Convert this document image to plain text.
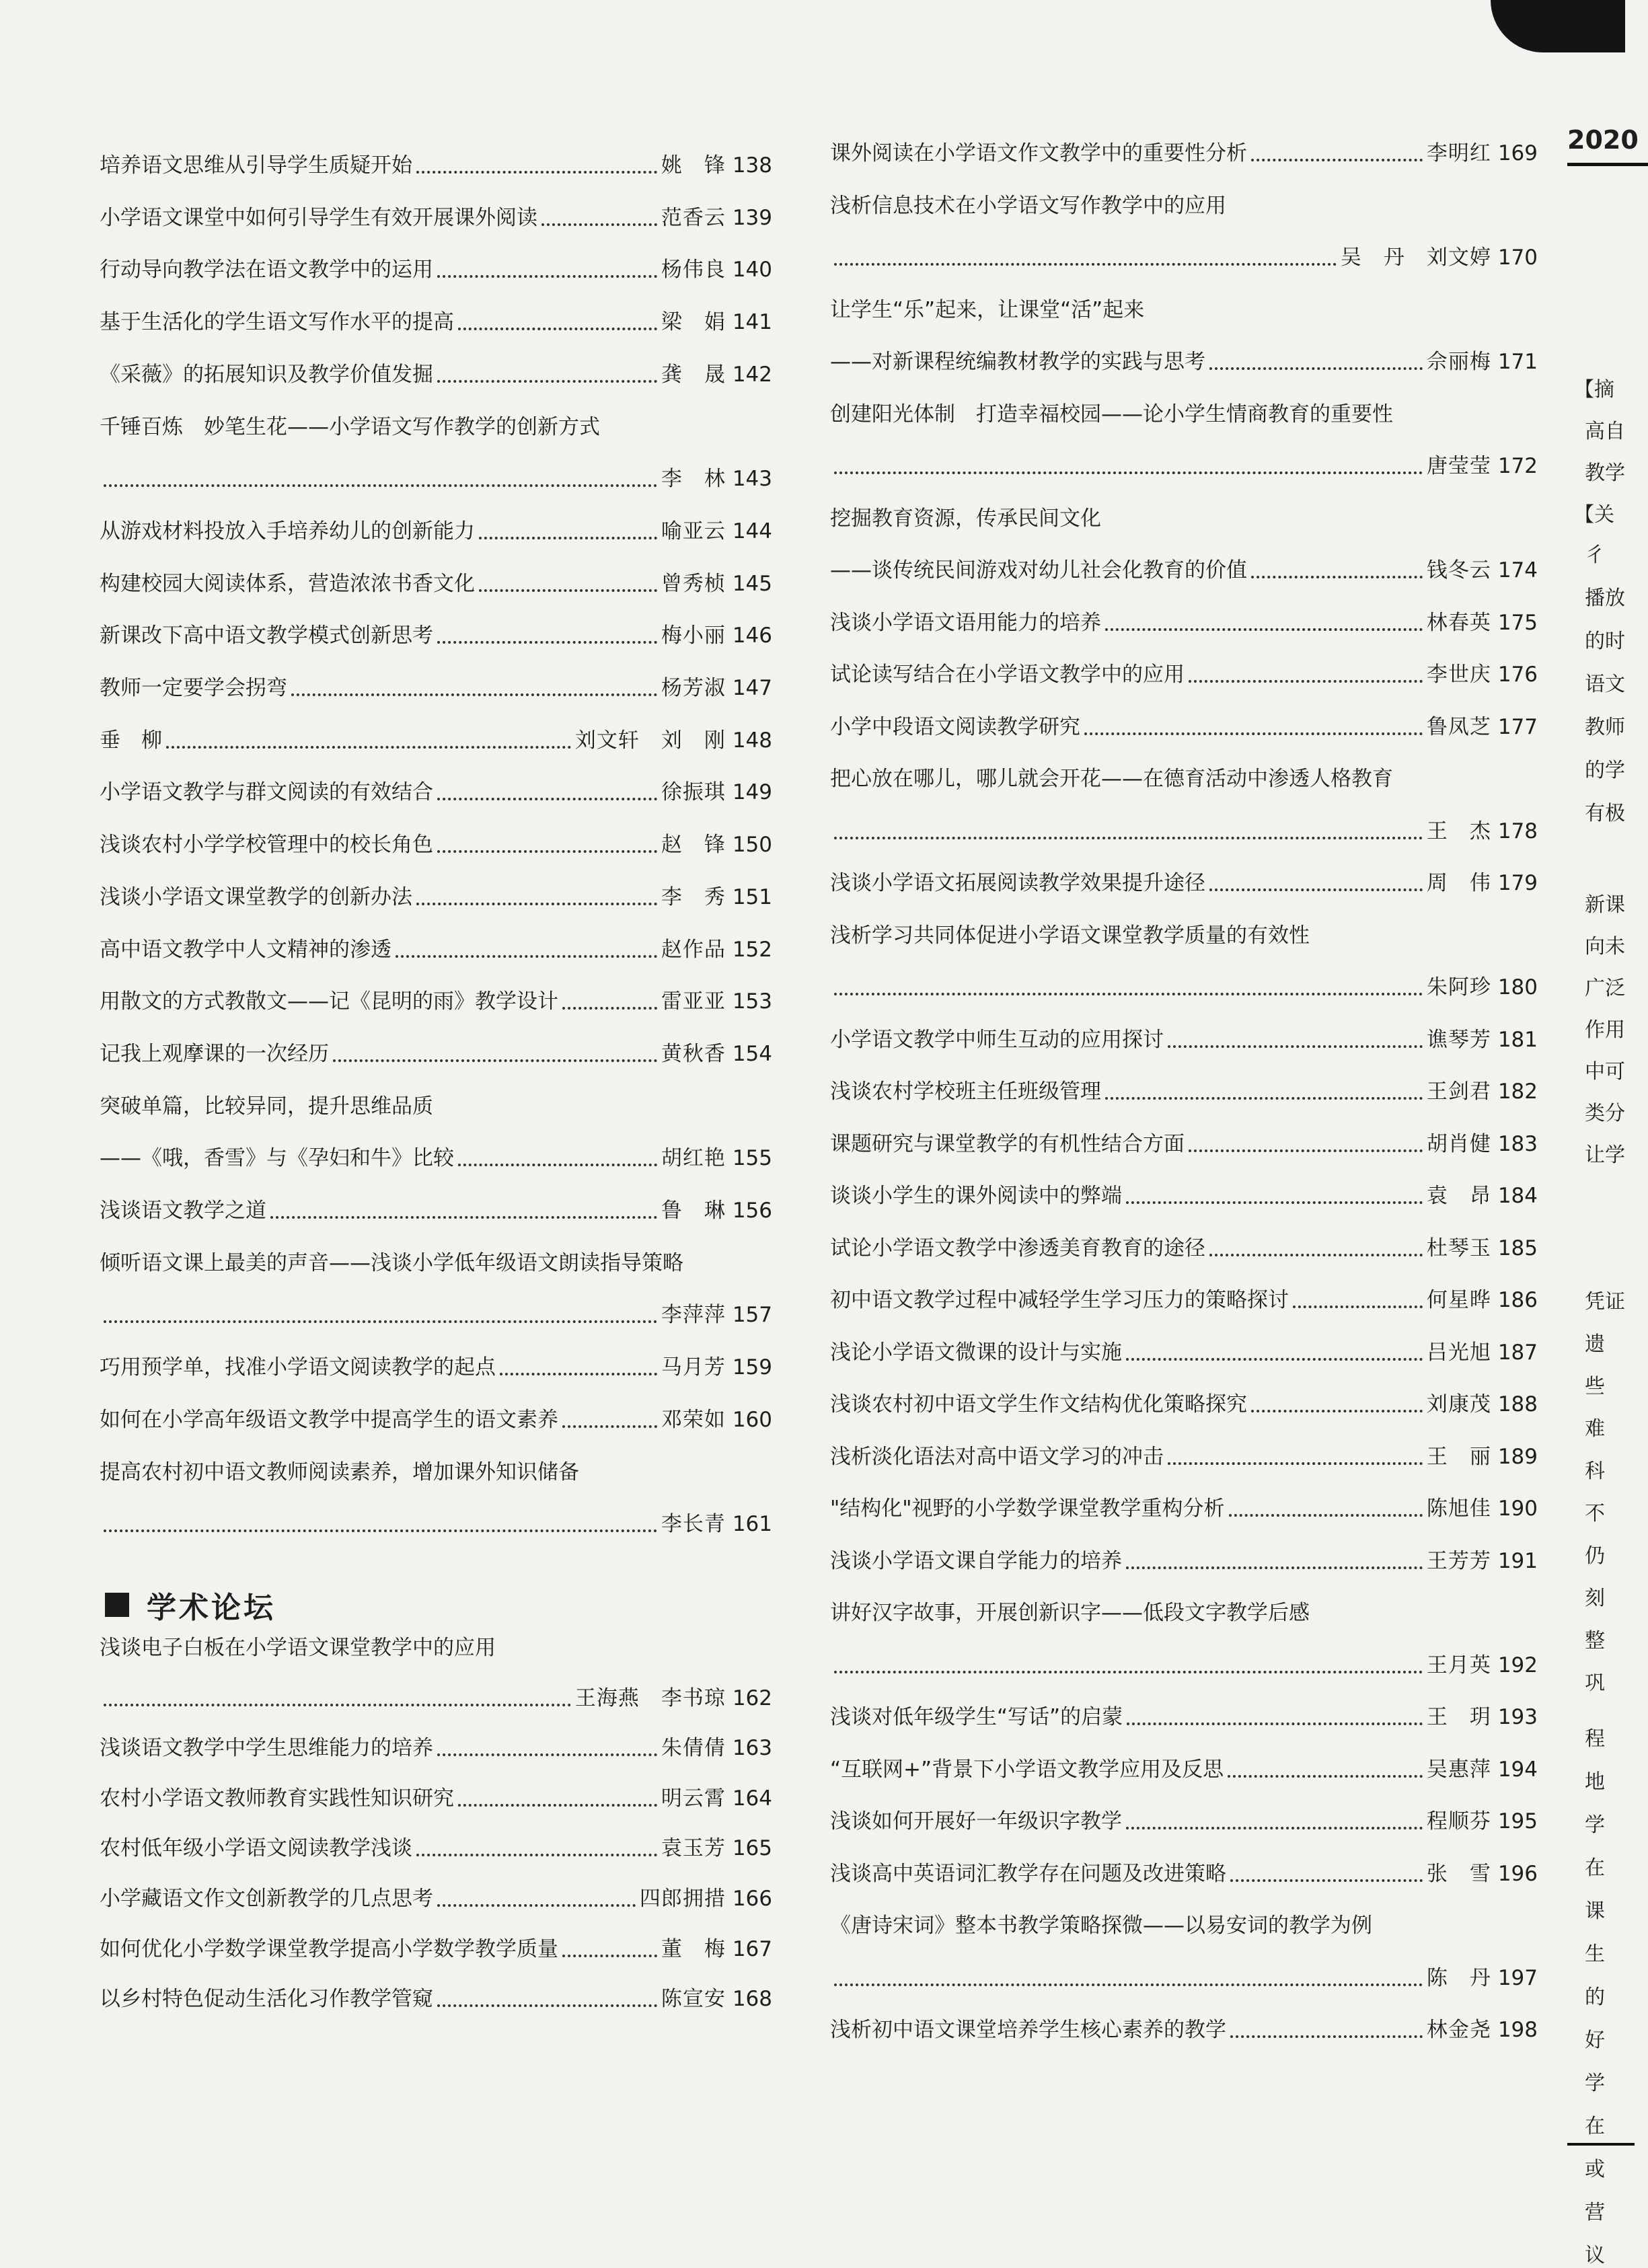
培养语文思维从引导学生质疑开始	姚　锋 138
小学语文课堂中如何引导学生有效开展课外阅读	范香云 139
行动导向教学法在语文教学中的运用	杨伟良 140
基于生活化的学生语文写作水平的提高	梁　娟 141
《采薇》的拓展知识及教学价值发掘	龚　晟 142
千锤百炼　妙笔生花——小学语文写作教学的创新方式
李　林 143
从游戏材料投放入手培养幼儿的创新能力	喻亚云 144
构建校园大阅读体系，营造浓浓书香文化	曾秀桢 145
新课改下高中语文教学模式创新思考	梅小丽 146
教师一定要学会拐弯	杨芳淑 147
垂　柳	刘文轩　刘　刚 148
小学语文教学与群文阅读的有效结合	徐振琪 149
浅谈农村小学学校管理中的校长角色	赵　锋 150
浅谈小学语文课堂教学的创新办法	李　秀 151
高中语文教学中人文精神的渗透	赵作品 152
用散文的方式教散文——记《昆明的雨》教学设计	雷亚亚 153
记我上观摩课的一次经历	黄秋香 154
突破单篇，比较异同，提升思维品质
——《哦，香雪》与《孕妇和牛》比较	胡红艳 155
浅谈语文教学之道	鲁　琳 156
倾听语文课上最美的声音——浅谈小学低年级语文朗读指导策略
李萍萍 157
巧用预学单，找准小学语文阅读教学的起点	马月芳 159
如何在小学高年级语文教学中提高学生的语文素养	邓荣如 160
提高农村初中语文教师阅读素养，增加课外知识储备
李长青 161
浅谈电子白板在小学语文课堂教学中的应用
王海燕　李书琼 162
浅谈语文教学中学生思维能力的培养	朱倩倩 163
农村小学语文教师教育实践性知识研究	明云霄 164
农村低年级小学语文阅读教学浅谈	袁玉芳 165
小学藏语文作文创新教学的几点思考	四郎拥措 166
如何优化小学数学课堂教学提高小学数学教学质量	董　梅 167
以乡村特色促动生活化习作教学管窥	陈宣安 168
课外阅读在小学语文作文教学中的重要性分析	李明红 169
浅析信息技术在小学语文写作教学中的应用
吴　丹　刘文婷 170
让学生“乐”起来，让课堂“活”起来
——对新课程统编教材教学的实践与思考	佘丽梅 171
创建阳光体制　打造幸福校园——论小学生情商教育的重要性
唐莹莹 172
挖掘教育资源，传承民间文化
——谈传统民间游戏对幼儿社会化教育的价值	钱冬云 174
浅谈小学语文语用能力的培养	林春英 175
试论读写结合在小学语文教学中的应用	李世庆 176
小学中段语文阅读教学研究	鲁凤芝 177
把心放在哪儿，哪儿就会开花——在德育活动中渗透人格教育
王　杰 178
浅谈小学语文拓展阅读教学效果提升途径	周　伟 179
浅析学习共同体促进小学语文课堂教学质量的有效性
朱阿珍 180
小学语文教学中师生互动的应用探讨	谯琴芳 181
浅谈农村学校班主任班级管理	王剑君 182
课题研究与课堂教学的有机性结合方面	胡肖健 183
谈谈小学生的课外阅读中的弊端	袁　昂 184
试论小学语文教学中渗透美育教育的途径	杜琴玉 185
初中语文教学过程中减轻学生学习压力的策略探讨	何星晔 186
浅论小学语文微课的设计与实施	吕光旭 187
浅谈农村初中语文学生作文结构优化策略探究	刘康茂 188
浅析淡化语法对高中语文学习的冲击	王　丽 189
"结构化"视野的小学数学课堂教学重构分析	陈旭佳 190
浅谈小学语文课自学能力的培养	王芳芳 191
讲好汉字故事，开展创新识字——低段文字教学后感
王月英 192
浅谈对低年级学生“写话”的启蒙	王　玥 193
“互联网+”背景下小学语文教学应用及反思	吴惠萍 194
浅谈如何开展好一年级识字教学	程顺芬 195
浅谈高中英语词汇教学存在问题及改进策略	张　雪 196
《唐诗宋词》整本书教学策略探微——以易安词的教学为例
陈　丹 197
浅析初中语文课堂培养学生核心素养的教学	林金尧 198
学术论坛
2020
【摘
高自
教学
【关
彳
播放
的时
语文
教师
的学
有极
新课
向未
广泛
作用
中可
类分
让学
凭证
遗
些
难
科
不
仍
刻
整
巩
程
地
学
在
课
生
的
好
学
在
或
营
议
